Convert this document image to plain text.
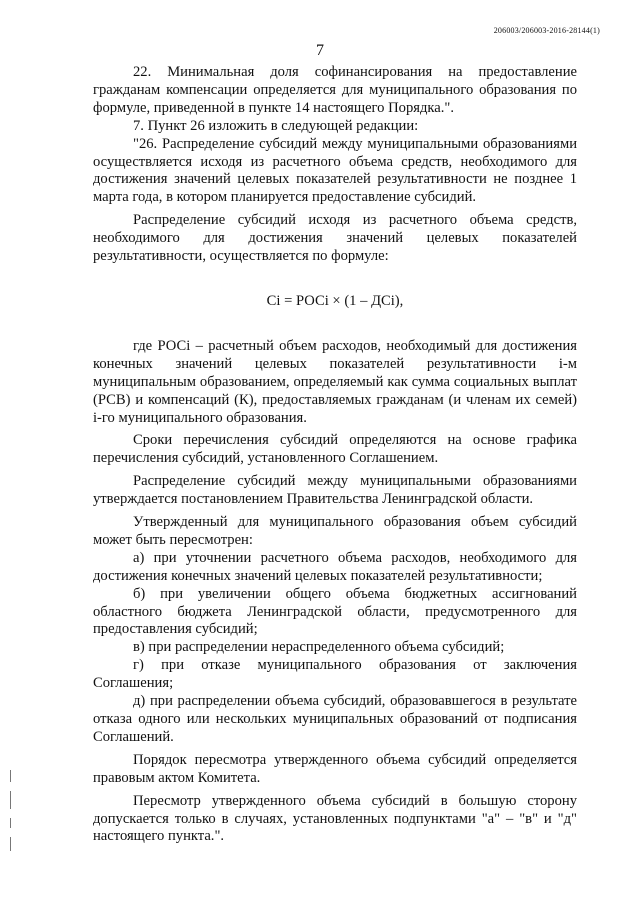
206003/206003-2016-28144(1)
7

22. Минимальная доля софинансирования на предоставление гражданам компенсации определяется для муниципального образования по формуле, приведенной в пункте 14 настоящего Порядка.".

7. Пункт 26 изложить в следующей редакции:

"26. Распределение субсидий между муниципальными образованиями осуществляется исходя из расчетного объема средств, необходимого для достижения значений целевых показателей результативности не позднее 1 марта года, в котором планируется предоставление субсидий.

Распределение субсидий исходя из расчетного объема средств, необходимого для достижения значений целевых показателей результативности, осуществляется по формуле:

Сi = РОСi × (1 – ДСi),

где РОСi – расчетный объем расходов, необходимый для достижения конечных значений целевых показателей результативности i-м муниципальным образованием, определяемый как сумма социальных выплат (РСВ) и компенсаций (К), предоставляемых гражданам (и членам их семей) i-го муниципального образования.

Сроки перечисления субсидий определяются на основе графика перечисления субсидий, установленного Соглашением.

Распределение субсидий между муниципальными образованиями утверждается постановлением Правительства Ленинградской области.

Утвержденный для муниципального образования объем субсидий может быть пересмотрен:

а) при уточнении расчетного объема расходов, необходимого для достижения конечных значений целевых показателей результативности;

б) при увеличении общего объема бюджетных ассигнований областного бюджета Ленинградской области, предусмотренного для предоставления субсидий;

в) при распределении нераспределенного объема субсидий;

г) при отказе муниципального образования от заключения Соглашения;

д) при распределении объема субсидий, образовавшегося в результате отказа одного или нескольких муниципальных образований от подписания Соглашений.

Порядок пересмотра утвержденного объема субсидий определяется правовым актом Комитета.

Пересмотр утвержденного объема субсидий в большую сторону допускается только в случаях, установленных подпунктами "а" – "в" и "д" настоящего пункта.".
